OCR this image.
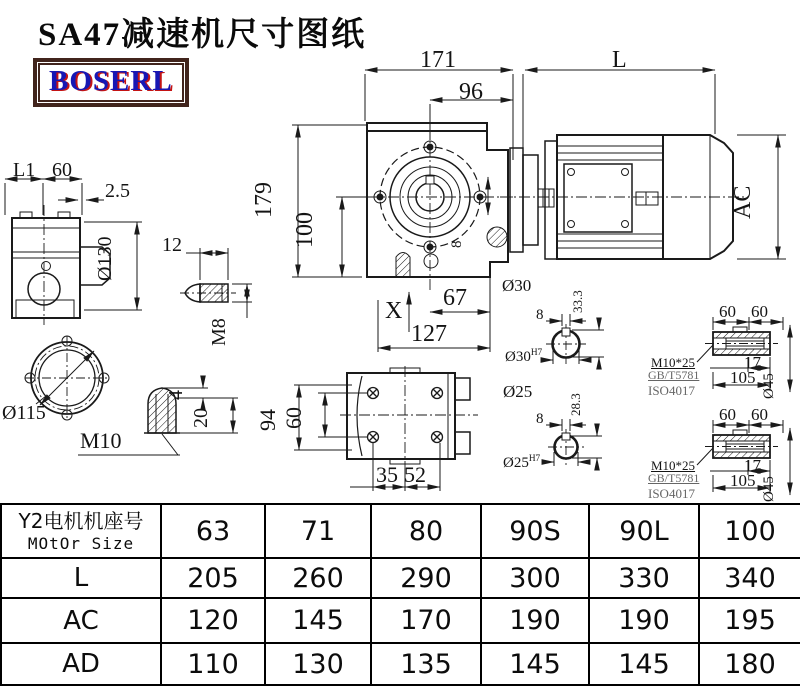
SA47减速机尺寸图纸
BOSERL
171
96
L
AC
179
100
X 67
127
Ø30
8
L1 60
2.5
Ø130 12
M8
Ø115
M10
4
20 94 60
35 52
8
33.3
$Ø30^{H7}$
Ø25
8
28.3
$Ø25^{H7}$
60 60
17
105 Ø45
M10*25
GB/T5781
ISO4017
60 60
17
105 Ø45
M10*25
GB/T5781
ISO4017
Y2电机机座号
MOtOr Size	63	71	80	90S	90L	100
L	205	260	290	300	330	340
AC	120	145	170	190	190	195
AD	110	130	135	145	145	180
